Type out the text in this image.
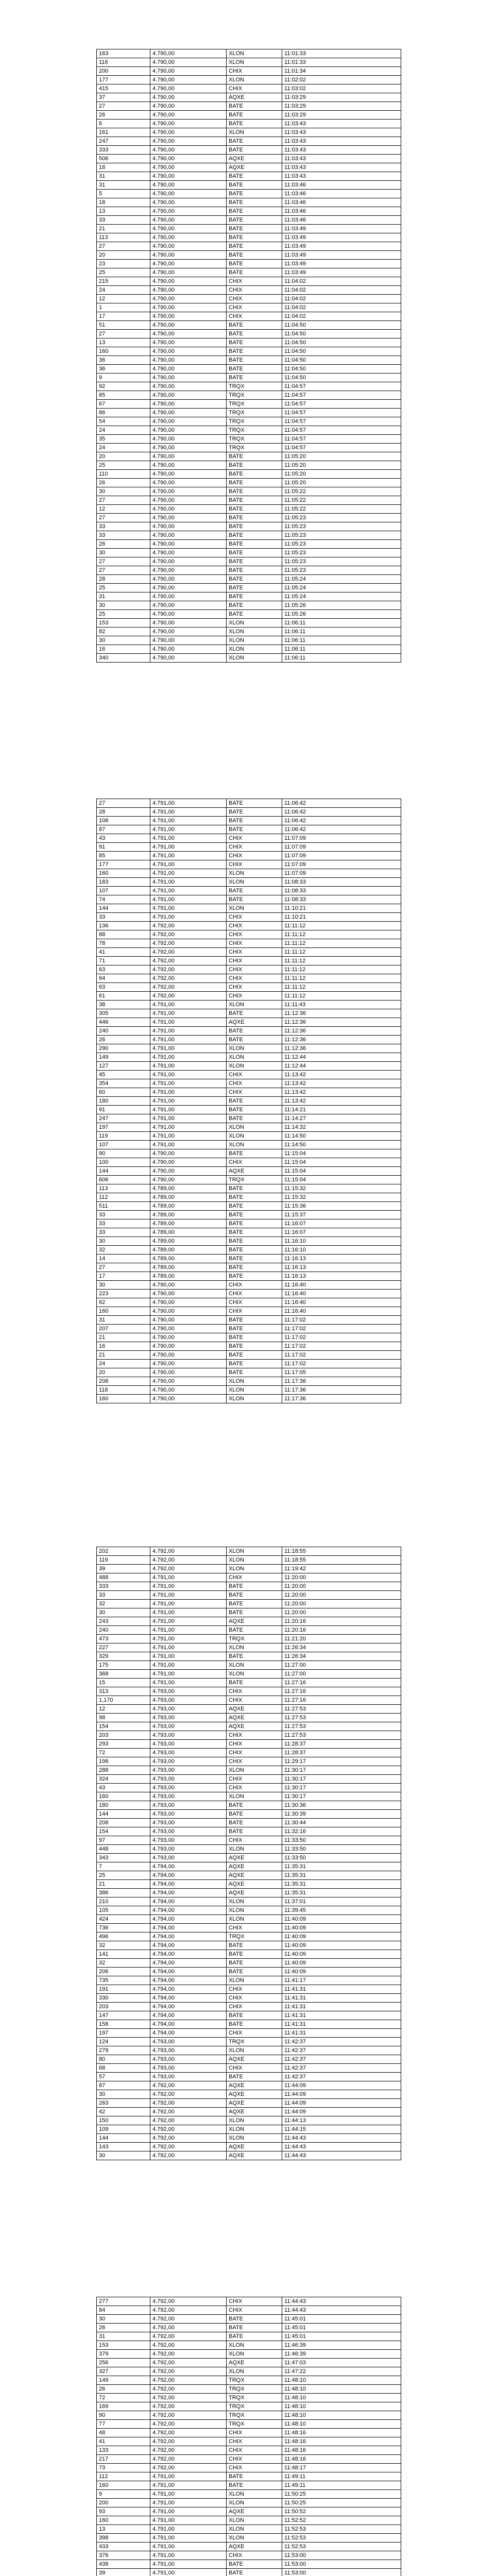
163	4.790,00	XLON	11:01:33
116	4.790,00	XLON	11:01:33
200	4.790,00	CHIX	11:01:34
177	4.790,00	XLON	11:02:02
415	4.790,00	CHIX	11:03:02
37	4.790,00	AQXE	11:03:29
27	4.790,00	BATE	11:03:29
26	4.790,00	BATE	11:03:29
6	4.790,00	BATE	11:03:43
161	4.790,00	XLON	11:03:43
247	4.790,00	BATE	11:03:43
333	4.790,00	BATE	11:03:43
506	4.790,00	AQXE	11:03:43
18	4.790,00	AQXE	11:03:43
31	4.790,00	BATE	11:03:43
31	4.790,00	BATE	11:03:46
5	4.790,00	BATE	11:03:46
18	4.790,00	BATE	11:03:46
13	4.790,00	BATE	11:03:46
33	4.790,00	BATE	11:03:46
21	4.790,00	BATE	11:03:49
113	4.790,00	BATE	11:03:49
27	4.790,00	BATE	11:03:49
20	4.790,00	BATE	11:03:49
23	4.790,00	BATE	11:03:49
25	4.790,00	BATE	11:03:49
215	4.790,00	CHIX	11:04:02
24	4.790,00	CHIX	11:04:02
12	4.790,00	CHIX	11:04:02
1	4.790,00	CHIX	11:04:02
17	4.790,00	CHIX	11:04:02
51	4.790,00	BATE	11:04:50
27	4.790,00	BATE	11:04:50
13	4.790,00	BATE	11:04:50
160	4.790,00	BATE	11:04:50
36	4.790,00	BATE	11:04:50
36	4.790,00	BATE	11:04:50
9	4.790,00	BATE	11:04:50
92	4.790,00	TRQX	11:04:57
85	4.790,00	TRQX	11:04:57
67	4.790,00	TRQX	11:04:57
86	4.790,00	TRQX	11:04:57
54	4.790,00	TRQX	11:04:57
24	4.790,00	TRQX	11:04:57
35	4.790,00	TRQX	11:04:57
24	4.790,00	TRQX	11:04:57
20	4.790,00	BATE	11:05:20
25	4.790,00	BATE	11:05:20
110	4.790,00	BATE	11:05:20
26	4.790,00	BATE	11:05:20
30	4.790,00	BATE	11:05:22
27	4.790,00	BATE	11:05:22
12	4.790,00	BATE	11:05:22
27	4.790,00	BATE	11:05:23
33	4.790,00	BATE	11:05:23
33	4.790,00	BATE	11:05:23
26	4.790,00	BATE	11:05:23
30	4.790,00	BATE	11:05:23
27	4.790,00	BATE	11:05:23
27	4.790,00	BATE	11:05:23
28	4.790,00	BATE	11:05:24
25	4.790,00	BATE	11:05:24
31	4.790,00	BATE	11:05:24
30	4.790,00	BATE	11:05:26
25	4.790,00	BATE	11:05:26
153	4.790,00	XLON	11:06:11
82	4.790,00	XLON	11:06:11
30	4.790,00	XLON	11:06:11
16	4.790,00	XLON	11:06:11
340	4.790,00	XLON	11:06:11
27	4.791,00	BATE	11:06:42
28	4.791,00	BATE	11:06:42
108	4.791,00	BATE	11:06:42
87	4.791,00	BATE	11:06:42
43	4.791,00	CHIX	11:07:09
91	4.791,00	CHIX	11:07:09
85	4.791,00	CHIX	11:07:09
177	4.791,00	CHIX	11:07:09
160	4.791,00	XLON	11:07:09
183	4.791,00	XLON	11:08:33
107	4.791,00	BATE	11:08:33
74	4.791,00	BATE	11:08:33
144	4.791,00	XLON	11:10:21
33	4.791,00	CHIX	11:10:21
136	4.792,00	CHIX	11:11:12
88	4.792,00	CHIX	11:11:12
78	4.792,00	CHIX	11:11:12
41	4.792,00	CHIX	11:11:12
71	4.792,00	CHIX	11:11:12
63	4.792,00	CHIX	11:11:12
64	4.792,00	CHIX	11:11:12
63	4.792,00	CHIX	11:11:12
61	4.792,00	CHIX	11:11:12
38	4.791,00	XLON	11:11:43
305	4.791,00	BATE	11:12:36
446	4.791,00	AQXE	11:12:36
240	4.791,00	BATE	11:12:36
26	4.791,00	BATE	11:12:36
290	4.791,00	XLON	11:12:36
149	4.791,00	XLON	11:12:44
127	4.791,00	XLON	11:12:44
45	4.791,00	CHIX	11:13:42
354	4.791,00	CHIX	11:13:42
60	4.791,00	CHIX	11:13:42
180	4.791,00	BATE	11:13:42
91	4.791,00	BATE	11:14:21
247	4.791,00	BATE	11:14:27
197	4.791,00	XLON	11:14:32
119	4.791,00	XLON	11:14:50
107	4.791,00	XLON	11:14:50
90	4.790,00	BATE	11:15:04
100	4.790,00	CHIX	11:15:04
144	4.790,00	AQXE	11:15:04
606	4.790,00	TRQX	11:15:04
113	4.789,00	BATE	11:15:32
112	4.789,00	BATE	11:15:32
511	4.789,00	BATE	11:15:36
33	4.789,00	BATE	11:15:37
33	4.789,00	BATE	11:16:07
33	4.789,00	BATE	11:16:07
30	4.789,00	BATE	11:16:10
32	4.789,00	BATE	11:16:10
14	4.789,00	BATE	11:16:13
27	4.789,00	BATE	11:16:13
17	4.789,00	BATE	11:16:13
30	4.790,00	CHIX	11:16:40
223	4.790,00	CHIX	11:16:40
62	4.790,00	CHIX	11:16:40
160	4.790,00	CHIX	11:16:40
31	4.790,00	BATE	11:17:02
207	4.790,00	BATE	11:17:02
21	4.790,00	BATE	11:17:02
16	4.790,00	BATE	11:17:02
21	4.790,00	BATE	11:17:02
24	4.790,00	BATE	11:17:02
20	4.790,00	BATE	11:17:05
208	4.790,00	XLON	11:17:36
118	4.790,00	XLON	11:17:36
160	4.790,00	XLON	11:17:36
202	4.792,00	XLON	11:18:55
119	4.792,00	XLON	11:18:55
39	4.792,00	XLON	11:19:42
488	4.791,00	CHIX	11:20:00
333	4.791,00	BATE	11:20:00
33	4.791,00	BATE	11:20:00
32	4.791,00	BATE	11:20:00
30	4.791,00	BATE	11:20:00
243	4.791,00	AQXE	11:20:16
240	4.791,00	BATE	11:20:16
473	4.791,00	TRQX	11:21:20
227	4.791,00	XLON	11:26:34
329	4.791,00	BATE	11:26:34
175	4.791,00	XLON	11:27:00
368	4.791,00	XLON	11:27:00
15	4.791,00	BATE	11:27:16
313	4.793,00	CHIX	11:27:16
1,170	4.793,00	CHIX	11:27:16
12	4.793,00	AQXE	11:27:53
98	4.793,00	AQXE	11:27:53
154	4.793,00	AQXE	11:27:53
203	4.793,00	CHIX	11:27:53
293	4.793,00	CHIX	11:28:37
72	4.793,00	CHIX	11:28:37
198	4.793,00	CHIX	11:29:17
288	4.793,00	XLON	11:30:17
324	4.793,00	CHIX	11:30:17
43	4.793,00	CHIX	11:30:17
160	4.793,00	XLON	11:30:17
180	4.793,00	BATE	11:30:36
144	4.793,00	BATE	11:30:39
208	4.793,00	BATE	11:30:44
154	4.793,00	BATE	11:32:16
97	4.793,00	CHIX	11:33:50
448	4.793,00	XLON	11:33:50
343	4.793,00	AQXE	11:33:50
7	4.794,00	AQXE	11:35:31
25	4.794,00	AQXE	11:35:31
21	4.794,00	AQXE	11:35:31
386	4.794,00	AQXE	11:35:31
210	4.794,00	XLON	11:37:01
105	4.794,00	XLON	11:39:45
424	4.794,00	XLON	11:40:09
736	4.794,00	CHIX	11:40:09
496	4.794,00	TRQX	11:40:09
32	4.794,00	BATE	11:40:09
141	4.794,00	BATE	11:40:09
32	4.794,00	BATE	11:40:09
206	4.794,00	BATE	11:40:09
735	4.794,00	XLON	11:41:17
191	4.794,00	CHIX	11:41:31
330	4.794,00	CHIX	11:41:31
203	4.794,00	CHIX	11:41:31
147	4.794,00	BATE	11:41:31
158	4.794,00	BATE	11:41:31
197	4.794,00	CHIX	11:41:31
124	4.793,00	TRQX	11:42:37
279	4.793,00	XLON	11:42:37
80	4.793,00	AQXE	11:42:37
68	4.793,00	CHIX	11:42:37
57	4.793,00	BATE	11:42:37
87	4.792,00	AQXE	11:44:09
30	4.792,00	AQXE	11:44:09
263	4.792,00	AQXE	11:44:09
42	4.792,00	AQXE	11:44:09
150	4.792,00	XLON	11:44:13
109	4.792,00	XLON	11:44:15
144	4.792,00	XLON	11:44:43
143	4.792,00	AQXE	11:44:43
30	4.792,00	AQXE	11:44:43
277	4.792,00	CHIX	11:44:43
84	4.792,00	CHIX	11:44:43
30	4.792,00	BATE	11:45:01
26	4.792,00	BATE	11:45:01
31	4.792,00	BATE	11:45:01
153	4.792,00	XLON	11:46:39
379	4.792,00	XLON	11:46:39
256	4.792,00	AQXE	11:47:03
327	4.792,00	XLON	11:47:22
149	4.792,00	TRQX	11:48:10
26	4.792,00	TRQX	11:48:10
72	4.792,00	TRQX	11:48:10
169	4.792,00	TRQX	11:48:10
90	4.792,00	TRQX	11:48:10
77	4.792,00	TRQX	11:48:10
48	4.792,00	CHIX	11:48:16
41	4.792,00	CHIX	11:48:16
133	4.792,00	CHIX	11:48:16
217	4.792,00	CHIX	11:48:16
73	4.792,00	CHIX	11:48:17
112	4.791,00	BATE	11:49:11
160	4.791,00	BATE	11:49:11
9	4.791,00	XLON	11:50:25
200	4.791,00	XLON	11:50:25
93	4.791,00	AQXE	11:50:52
160	4.791,00	XLON	11:52:52
13	4.791,00	XLON	11:52:53
398	4.791,00	XLON	11:52:53
433	4.791,00	AQXE	11:52:53
376	4.791,00	CHIX	11:53:00
438	4.791,00	BATE	11:53:00
39	4.791,00	BATE	11:53:00
